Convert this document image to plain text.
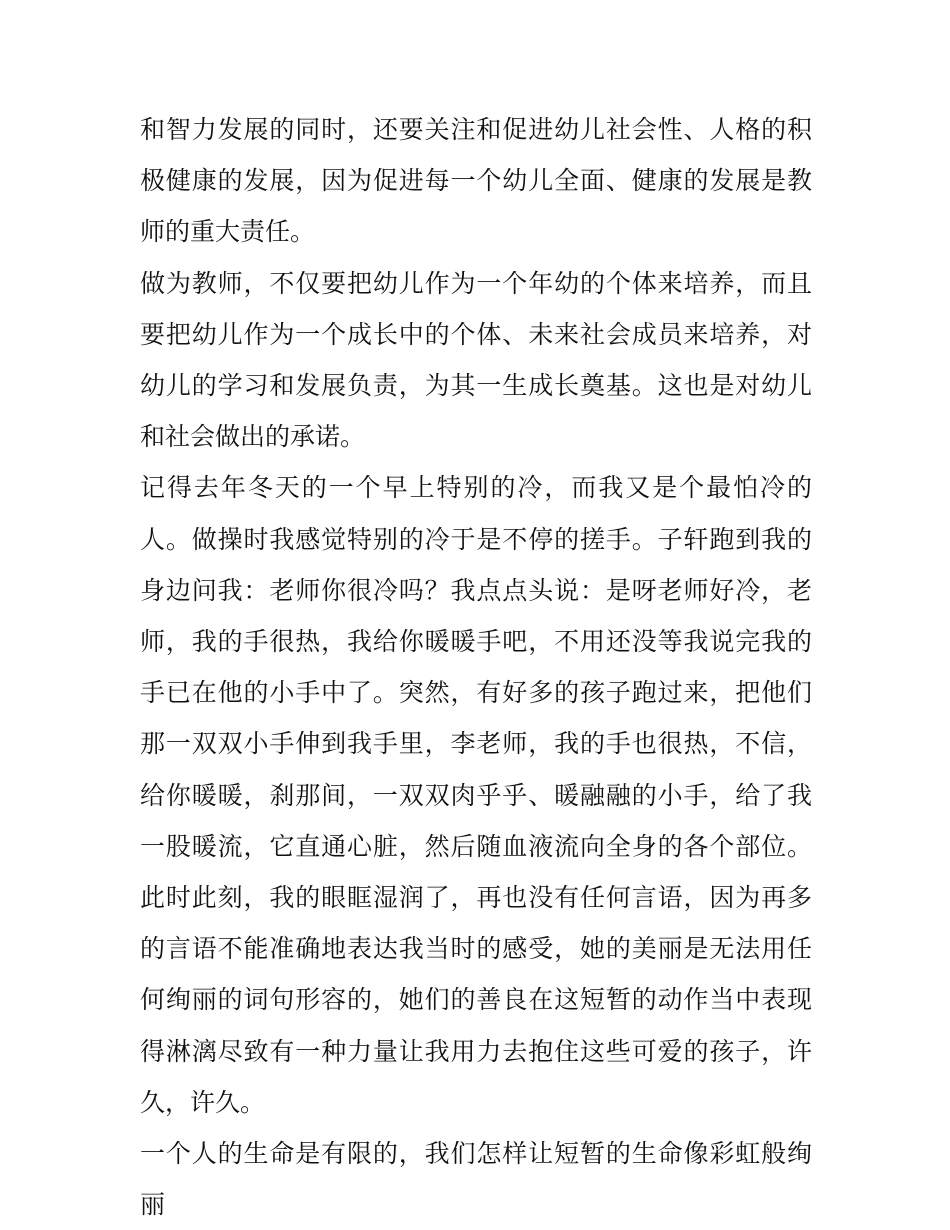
和智力发展的同时，还要关注和促进幼儿社会性、人格的积极健康的发展，因为促进每一个幼儿全面、健康的发展是教师的重大责任。

做为教师，不仅要把幼儿作为一个年幼的个体来培养，而且要把幼儿作为一个成长中的个体、未来社会成员来培养，对幼儿的学习和发展负责，为其一生成长奠基。这也是对幼儿和社会做出的承诺。

记得去年冬天的一个早上特别的冷，而我又是个最怕冷的人。做操时我感觉特别的冷于是不停的搓手。子轩跑到我的身边问我：老师你很冷吗？我点点头说：是呀老师好冷，老师，我的手很热，我给你暖暖手吧，不用还没等我说完我的手已在他的小手中了。突然，有好多的孩子跑过来，把他们那一双双小手伸到我手里，李老师，我的手也很热，不信，给你暖暖，刹那间，一双双肉乎乎、暖融融的小手，给了我一股暖流，它直通心脏，然后随血液流向全身的各个部位。此时此刻，我的眼眶湿润了，再也没有任何言语，因为再多的言语不能准确地表达我当时的感受，她的美丽是无法用任何绚丽的词句形容的，她们的善良在这短暂的动作当中表现得淋漓尽致有一种力量让我用力去抱住这些可爱的孩子，许久，许久。

一个人的生命是有限的，我们怎样让短暂的生命像彩虹般绚丽
